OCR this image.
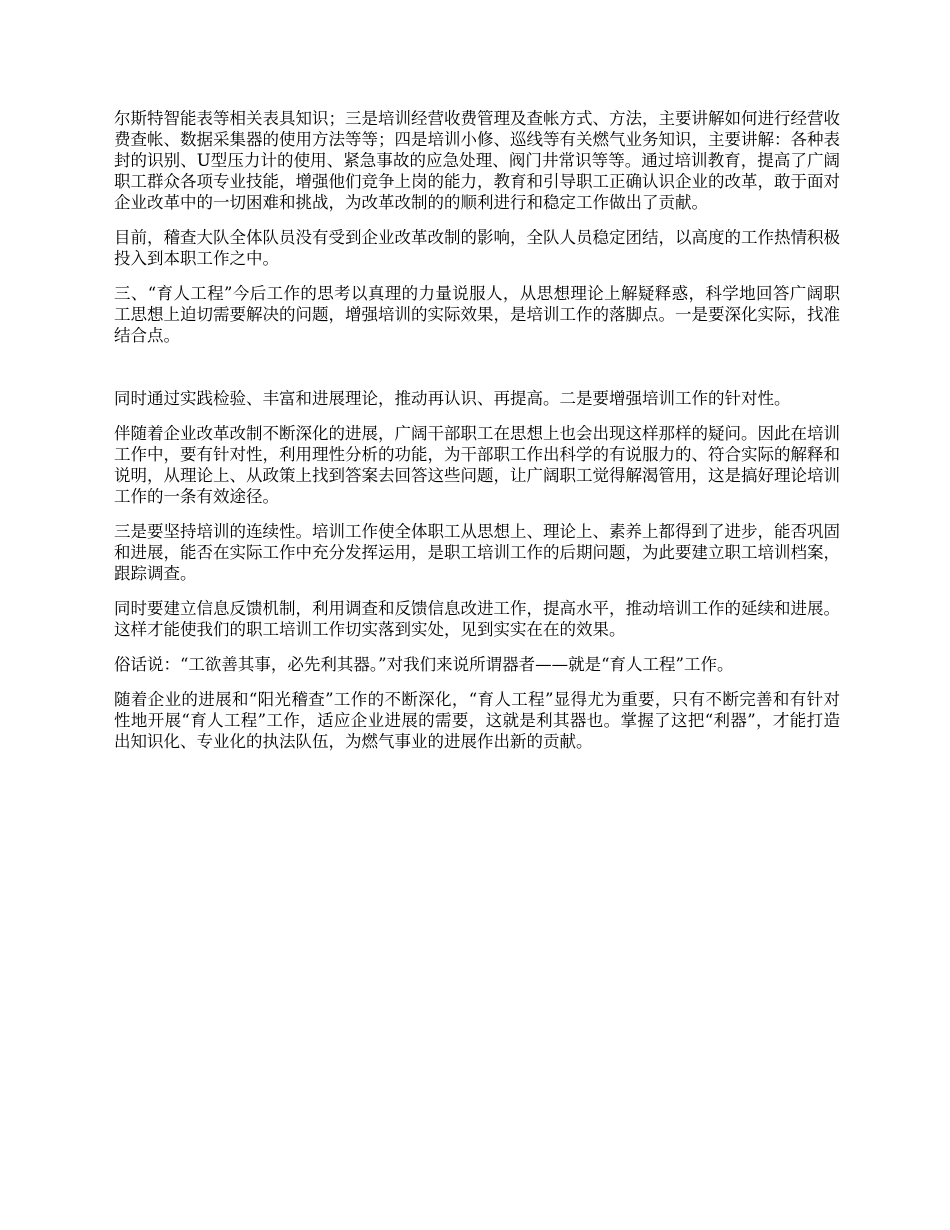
尔斯特智能表等相关表具知识；三是培训经营收费管理及查帐方式、方法，主要讲解如何进行经营收费查帐、数据采集器的使用方法等等；四是培训小修、巡线等有关燃气业务知识，主要讲解：各种表封的识别、U型压力计的使用、紧急事故的应急处理、阀门井常识等等。通过培训教育，提高了广阔职工群众各项专业技能，增强他们竞争上岗的能力，教育和引导职工正确认识企业的改革，敢于面对企业改革中的一切困难和挑战，为改革改制的的顺利进行和稳定工作做出了贡献。

目前，稽查大队全体队员没有受到企业改革改制的影响，全队人员稳定团结，以高度的工作热情积极投入到本职工作之中。

三、“育人工程”今后工作的思考以真理的力量说服人，从思想理论上解疑释惑，科学地回答广阔职工思想上迫切需要解决的问题，增强培训的实际效果，是培训工作的落脚点。一是要深化实际，找准结合点。

同时通过实践检验、丰富和进展理论，推动再认识、再提高。二是要增强培训工作的针对性。

伴随着企业改革改制不断深化的进展，广阔干部职工在思想上也会出现这样那样的疑问。因此在培训工作中，要有针对性，利用理性分析的功能，为干部职工作出科学的有说服力的、符合实际的解释和说明，从理论上、从政策上找到答案去回答这些问题，让广阔职工觉得解渴管用，这是搞好理论培训工作的一条有效途径。

三是要坚持培训的连续性。培训工作使全体职工从思想上、理论上、素养上都得到了进步，能否巩固和进展，能否在实际工作中充分发挥运用，是职工培训工作的后期问题，为此要建立职工培训档案，跟踪调查。

同时要建立信息反馈机制，利用调查和反馈信息改进工作，提高水平，推动培训工作的延续和进展。这样才能使我们的职工培训工作切实落到实处，见到实实在在的效果。

俗话说：“工欲善其事，必先利其器。”对我们来说所谓器者——就是“育人工程”工作。

随着企业的进展和“阳光稽查”工作的不断深化，“育人工程”显得尤为重要，只有不断完善和有针对性地开展“育人工程”工作，适应企业进展的需要，这就是利其器也。掌握了这把“利器”，才能打造出知识化、专业化的执法队伍，为燃气事业的进展作出新的贡献。
